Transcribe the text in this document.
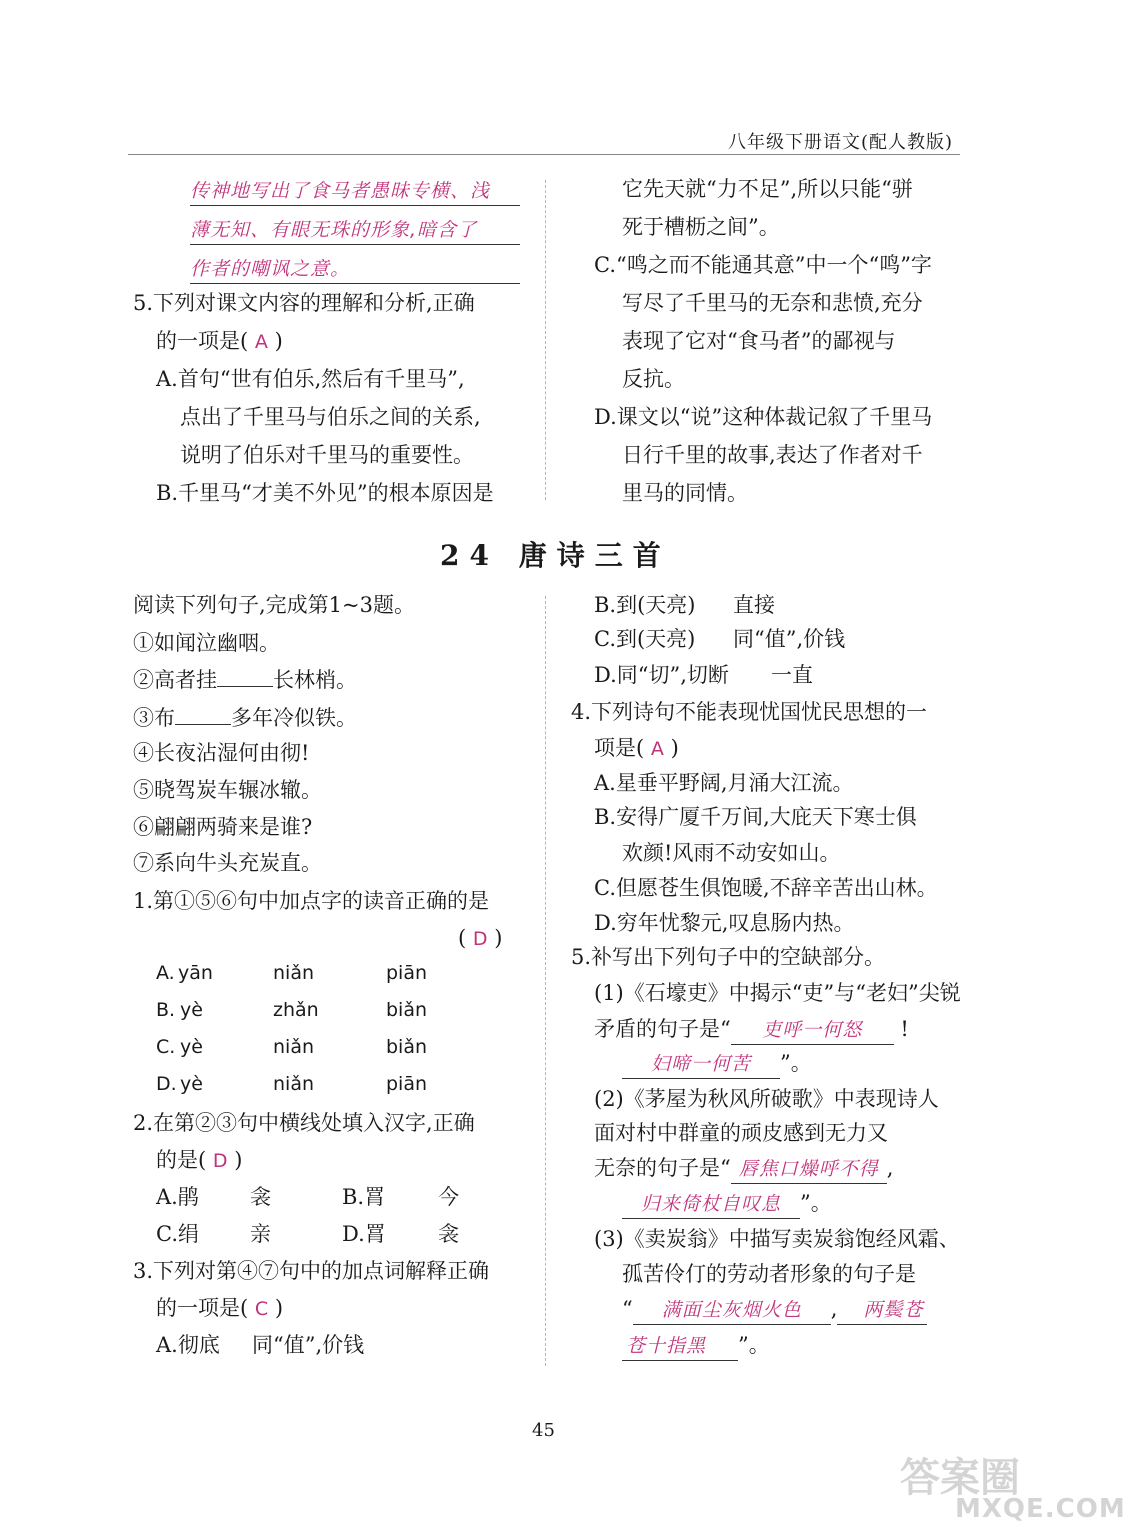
八年级下册语文(配人教版)
传神地写出了食马者愚昧专横、浅
薄无知、有眼无珠的形象,暗含了
作者的嘲讽之意。
5.下列对课文内容的理解和分析,正确
的一项是( A )
A.首句“世有伯乐,然后有千里马”,
点出了千里马与伯乐之间的关系,
说明了伯乐对千里马的重要性。
B.千里马“才美不外见”的根本原因是
它先天就“力不足”,所以只能“骈
死于槽枥之间”。
C.“鸣之而不能通其意”中一个“鸣”字
写尽了千里马的无奈和悲愤,充分
表现了它对“食马者”的鄙视与
反抗。
D.课文以“说”这种体裁记叙了千里马
日行千里的故事,表达了作者对千
里马的同情。
24 唐诗三首
阅读下列句子,完成第1~3题。
①如闻泣幽咽。
②高者挂	长林梢。
③布	多年冷似铁。
④长夜沾湿何由彻!
⑤晓驾炭车辗冰辙。
⑥翩翩两骑来是谁?
⑦系向牛头充炭直。
1.第①⑤⑥句中加点字的读音正确的是
( D )
A. yān	niǎn	piān
B. yè	zhǎn	biǎn
C. yè	niǎn	biǎn
D. yè	niǎn	piān
2.在第②③句中横线处填入汉字,正确
的是( D )
A.鹃 衾	B.罥	今
C.绢 亲	D.罥 衾
3.下列对第④⑦句中的加点词解释正确
的一项是( C )
A.彻底 同“值”,价钱
B.到(天亮) 直接
C.到(天亮) 同“值”,价钱
D.同“切”,切断 一直
4.下列诗句不能表现忧国忧民思想的一
项是( A )
A.星垂平野阔,月涌大江流。
B.安得广厦千万间,大庇天下寒士俱
欢颜!风雨不动安如山。
C.但愿苍生俱饱暖,不辞辛苦出山林。
D.穷年忧黎元,叹息肠内热。
5.补写出下列句子中的空缺部分。
(1)《石壕吏》中揭示“吏”与“老妇”尖锐
矛盾的句子是“ 吏呼一何怒 !
妇啼一何苦 ”。
(2)《茅屋为秋风所破歌》中表现诗人
面对村中群童的顽皮感到无力又
无奈的句子是“ 唇焦口燥呼不得 ,
归来倚杖自叹息 ”。
(3)《卖炭翁》中描写卖炭翁饱经风霜、
孤苦伶仃的劳动者形象的句子是
“ 满面尘灰烟火色 , 两鬓苍
苍十指黑 ”。
45
答案圈
MXQE.COM
